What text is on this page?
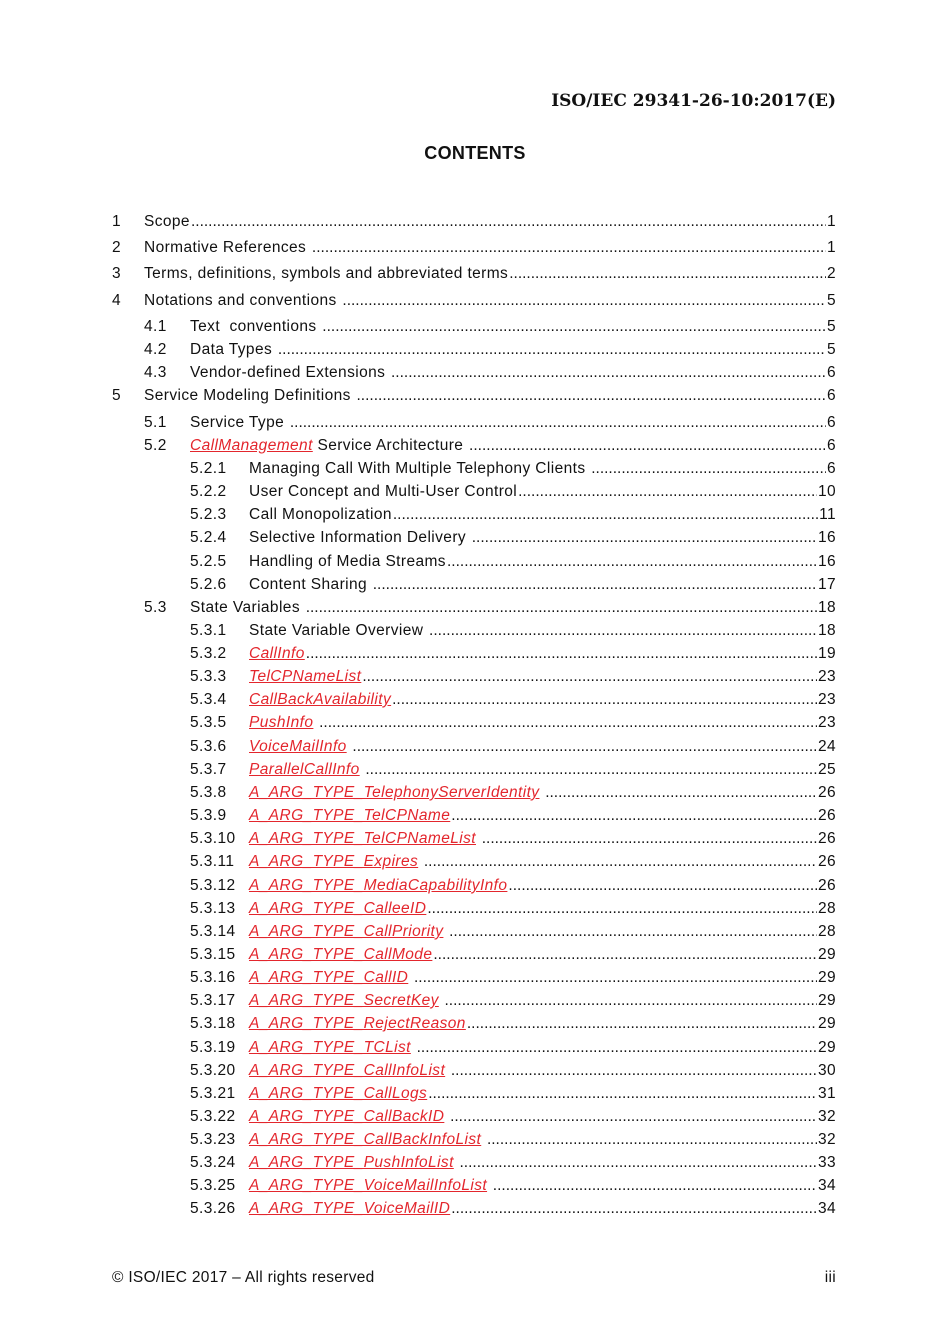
ISO/IEC 29341-26-10:2017(E)
CONTENTS
1 Scope .....	1
2 Normative References .....	1
3 Terms, definitions, symbols and abbreviated terms .....	2
4 Notations and conventions .....	5
4.1 Text  conventions .....	5
4.2 Data Types .....	5
4.3 Vendor-defined Extensions .....	6
5 Service Modeling Definitions .....	6
5.1 Service Type .....	6
5.2 CallManagement Service Architecture .....	6
5.2.1 Managing Call With Multiple Telephony Clients .....	6
5.2.2 User Concept and Multi-User Control .....	10
5.2.3 Call Monopolization .....	11
5.2.4 Selective Information Delivery .....	16
5.2.5 Handling of Media Streams .....	16
5.2.6 Content Sharing .....	17
5.3 State Variables .....	18
5.3.1 State Variable Overview .....	18
5.3.2 CallInfo .....	19
5.3.3 TelCPNameList .....	23
5.3.4 CallBackAvailability .....	23
5.3.5 PushInfo .....	23
5.3.6 VoiceMailInfo .....	24
5.3.7 ParallelCallInfo .....	25
5.3.8 A_ARG_TYPE_TelephonyServerIdentity .....	26
5.3.9 A_ARG_TYPE_TelCPName .....	26
5.3.10 A_ARG_TYPE_TelCPNameList .....	26
5.3.11 A_ARG_TYPE_Expires .....	26
5.3.12 A_ARG_TYPE_MediaCapabilityInfo .....	26
5.3.13 A_ARG_TYPE_CalleeID .....	28
5.3.14 A_ARG_TYPE_CallPriority .....	28
5.3.15 A_ARG_TYPE_CallMode .....	29
5.3.16 A_ARG_TYPE_CallID .....	29
5.3.17 A_ARG_TYPE_SecretKey .....	29
5.3.18 A_ARG_TYPE_RejectReason .....	29
5.3.19 A_ARG_TYPE_TCList .....	29
5.3.20 A_ARG_TYPE_CallInfoList .....	30
5.3.21 A_ARG_TYPE_CallLogs .....	31
5.3.22 A_ARG_TYPE_CallBackID .....	32
5.3.23 A_ARG_TYPE_CallBackInfoList .....	32
5.3.24 A_ARG_TYPE_PushInfoList .....	33
5.3.25 A_ARG_TYPE_VoiceMailInfoList .....	34
5.3.26 A_ARG_TYPE_VoiceMailID .....	34
© ISO/IEC 2017 – All rights reserved	iii
